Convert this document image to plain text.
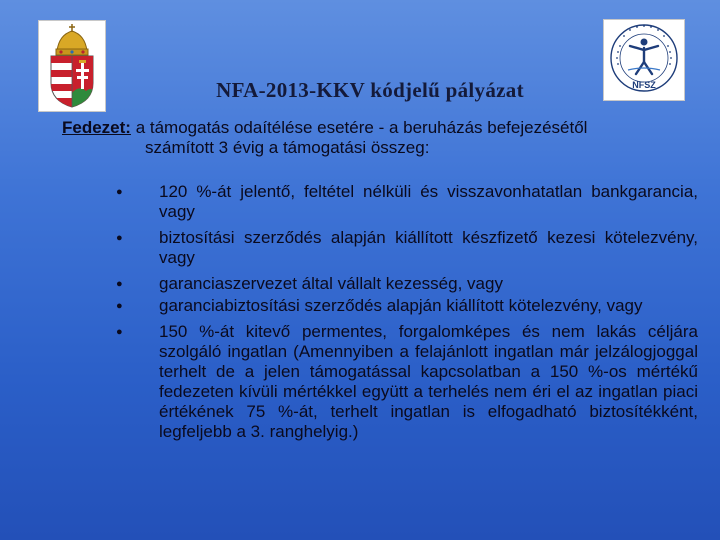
NFSZ
NFA-2013-KKV kódjelű pályázat
Fedezet: a támogatás odaítélése esetére - a beruházás befejezésétől
számított 3 évig a támogatási összeg:
● 120 %-át jelentő, feltétel nélküli és visszavonhatatlan bankgarancia, vagy
● biztosítási szerződés alapján kiállított készfizető kezesi kötelezvény, vagy
● garanciaszervezet által vállalt kezesség, vagy
● garanciabiztosítási szerződés alapján kiállított kötelezvény, vagy
● 150 %-át kitevő permentes, forgalomképes és nem lakás céljára szolgáló ingatlan (Amennyiben a felajánlott ingatlan már jelzálogjoggal terhelt de a jelen támogatással kapcsolatban a 150 %-os mértékű fedezeten kívüli mértékkel együtt a terhelés nem éri el az ingatlan piaci értékének 75 %-át, terhelt ingatlan is elfogadható biztosítékként, legfeljebb a 3. ranghelyig.)
